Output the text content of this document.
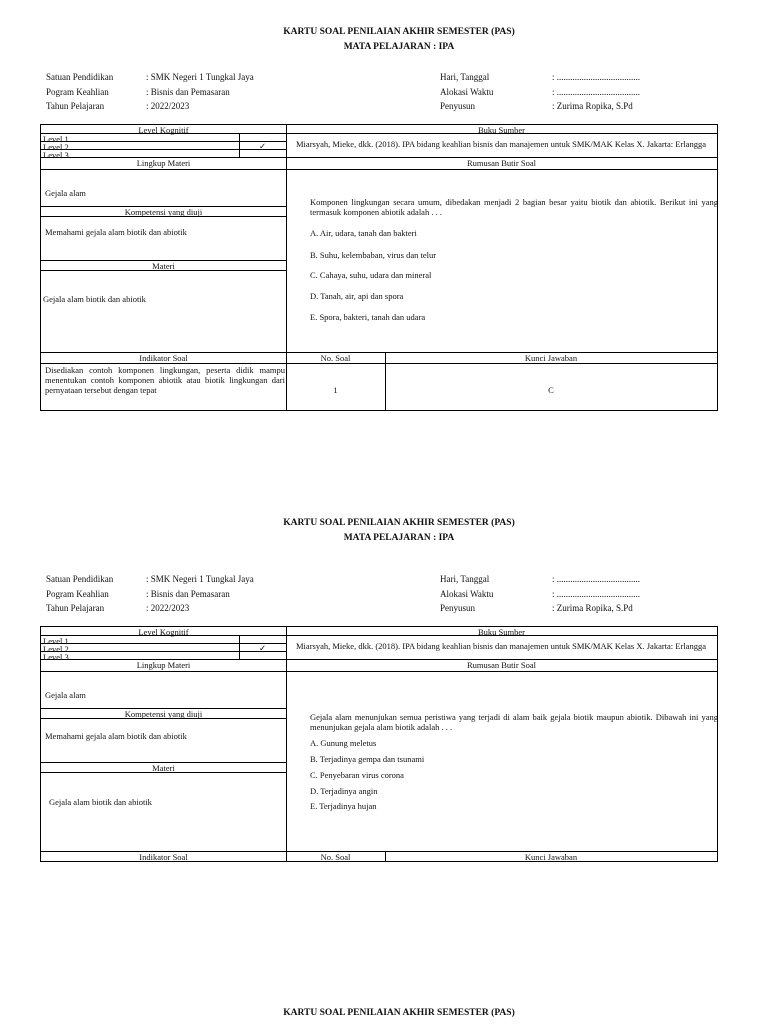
KARTU SOAL PENILAIAN AKHIR SEMESTER (PAS)
MATA PELAJARAN : IPA
Satuan Pendidikan	: SMK Negeri 1 Tungkal Jaya
Pogram Keahlian	: Bisnis dan Pemasaran
Tahun Pelajaran	: 2022/2023
Hari, Tanggal	: .....................................
Alokasi Waktu	: .....................................
Penyusun	: Zurima Ropika, S.Pd
Level Kognitif
Level 1
Level 2	✓
Level 3
Buku Sumber
Miarsyah, Mieke, dkk. (2018). IPA bidang keahlian bisnis dan manajemen untuk SMK/MAK Kelas X. Jakarta: Erlangga
Lingkup Materi	Rumusan Butir Soal
Gejala alam
Kompetensi yang diuji
Memahami gejala alam biotik dan abiotik
Materi
Gejala alam biotik dan abiotik
Komponen lingkungan secara umum, dibedakan menjadi 2 bagian besar yaitu biotik dan abiotik. Berikut ini yang termasuk komponen abiotik adalah . . .
A. Air, udara, tanah dan bakteri
B. Suhu, kelembaban, virus dan telur
C. Cahaya, suhu, udara dan mineral
D. Tanah, air, api dan spora
E. Spora, bakteri, tanah dan udara
Indikator Soal	No. Soal	Kunci Jawaban
Disediakan contoh komponen lingkungan, peserta didik mampu menentukan contoh komponen abiotik atau biotik lingkungan dari pernyataan tersebut dengan tepat	1	C
KARTU SOAL PENILAIAN AKHIR SEMESTER (PAS)
MATA PELAJARAN : IPA
Satuan Pendidikan	: SMK Negeri 1 Tungkal Jaya
Pogram Keahlian	: Bisnis dan Pemasaran
Tahun Pelajaran	: 2022/2023
Hari, Tanggal	: .....................................
Alokasi Waktu	: .....................................
Penyusun	: Zurima Ropika, S.Pd
Level Kognitif
Level 1
Level 2	✓
Level 3
Buku Sumber
Miarsyah, Mieke, dkk. (2018). IPA bidang keahlian bisnis dan manajemen untuk SMK/MAK Kelas X. Jakarta: Erlangga
Lingkup Materi	Rumusan Butir Soal
Gejala alam
Kompetensi yang diuji
Memahami gejala alam biotik dan abiotik
Materi
Gejala alam biotik dan abiotik
Gejala alam menunjukan semua peristiwa yang terjadi di alam baik gejala biotik maupun abiotik. Dibawah ini yang menunjukan gejala alam biotik adalah . . .
A. Gunung meletus
B. Terjadinya gempa dan tsunami
C. Penyebaran virus corona
D. Terjadinya angin
E. Terjadinya hujan
Indikator Soal	No. Soal	Kunci Jawaban
KARTU SOAL PENILAIAN AKHIR SEMESTER (PAS)
